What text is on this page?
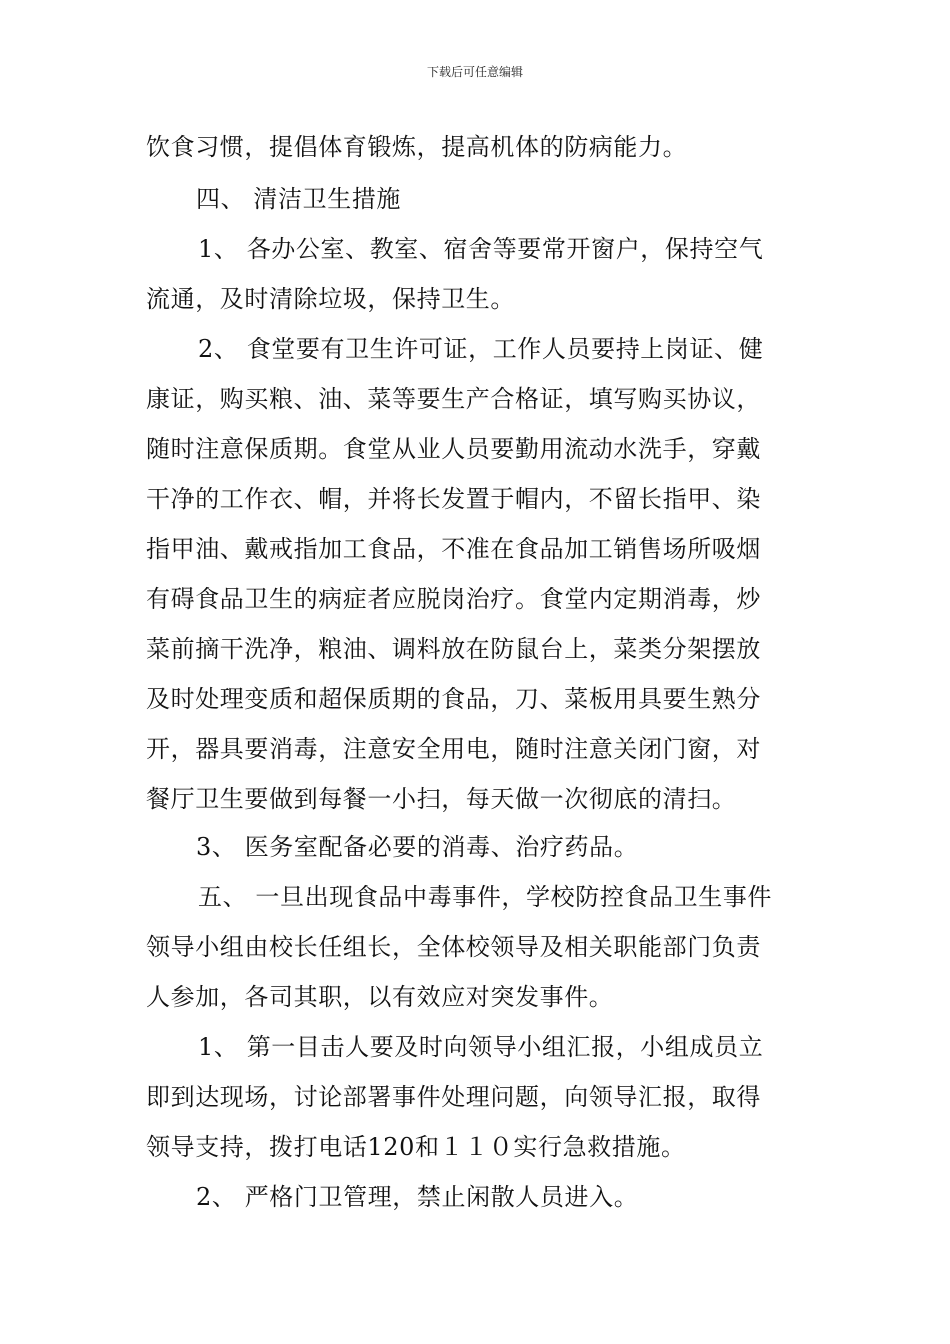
下载后可任意编辑
饮食习惯，提倡体育锻炼，提高机体的防病能力。
四、 清洁卫生措施
1、 各办公室、教室、宿舍等要常开窗户，保持空气
流通，及时清除垃圾，保持卫生。
2、 食堂要有卫生许可证，工作人员要持上岗证、健
康证，购买粮、油、菜等要生产合格证，填写购买协议，
随时注意保质期。食堂从业人员要勤用流动水洗手，穿戴
干净的工作衣、帽，并将长发置于帽内，不留长指甲、染
指甲油、戴戒指加工食品，不准在食品加工销售场所吸烟
有碍食品卫生的病症者应脱岗治疗。食堂内定期消毒，炒
菜前摘干洗净，粮油、调料放在防鼠台上，菜类分架摆放
及时处理变质和超保质期的食品，刀、菜板用具要生熟分
开，器具要消毒，注意安全用电，随时注意关闭门窗，对
餐厅卫生要做到每餐一小扫，每天做一次彻底的清扫。
3、 医务室配备必要的消毒、治疗药品。
五、 一旦出现食品中毒事件，学校防控食品卫生事件
领导小组由校长任组长，全体校领导及相关职能部门负责
人参加，各司其职，以有效应对突发事件。
1、 第一目击人要及时向领导小组汇报，小组成员立
即到达现场，讨论部署事件处理问题，向领导汇报，取得
领导支持，拨打电话120和１１０实行急救措施。
2、 严格门卫管理，禁止闲散人员进入。
